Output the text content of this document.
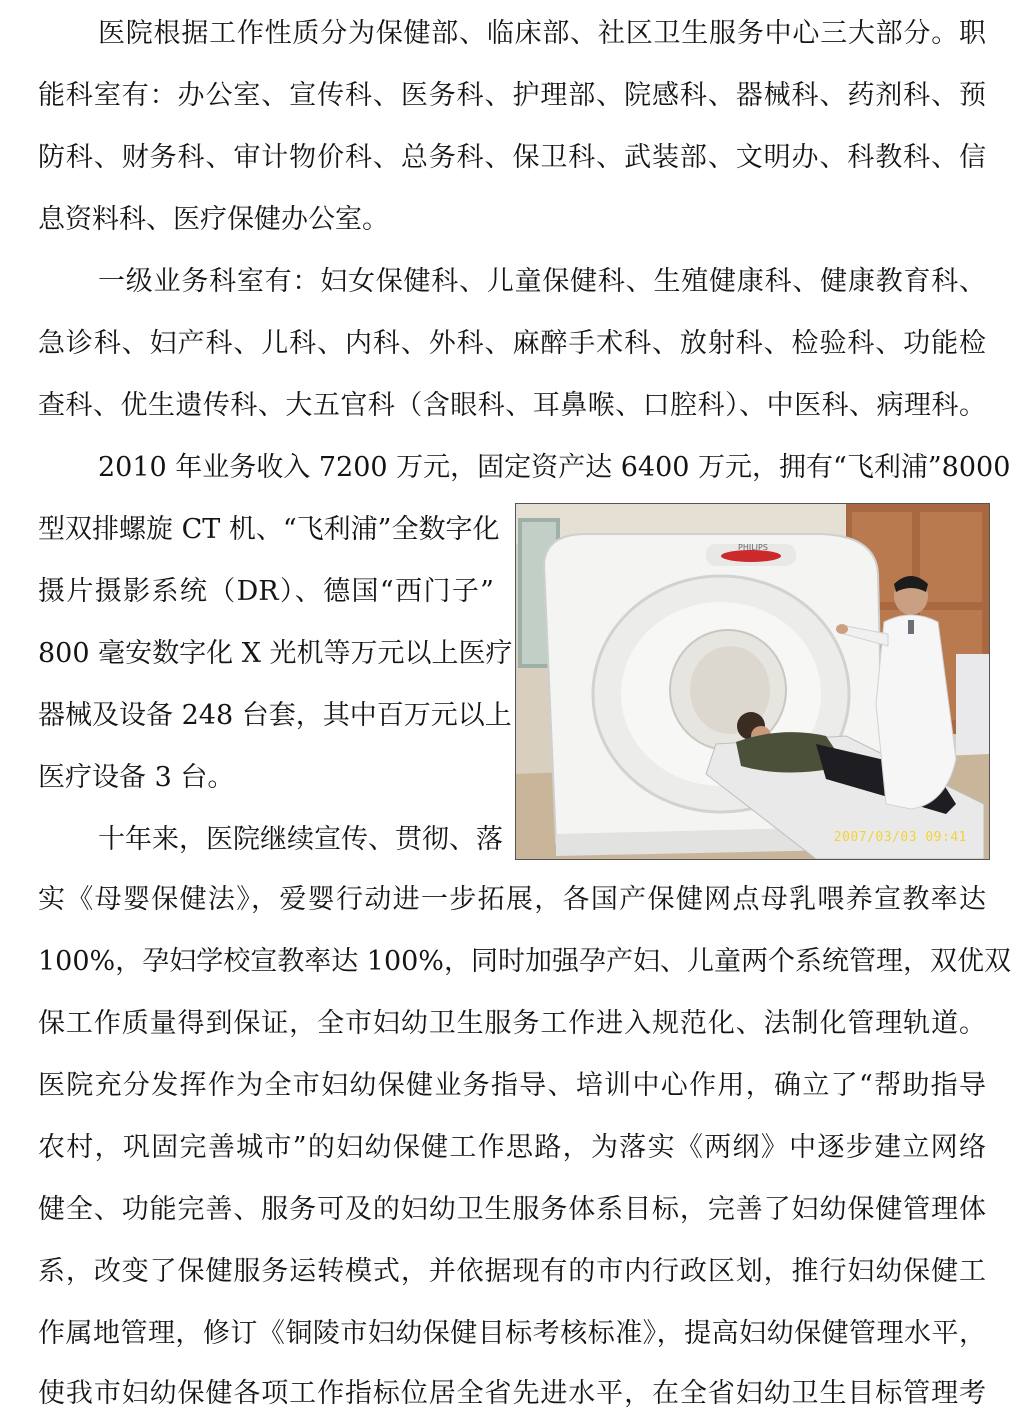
医院根据工作性质分为保健部、临床部、社区卫生服务中心三大部分。职
能科室有：办公室、宣传科、医务科、护理部、院感科、器械科、药剂科、预
防科、财务科、审计物价科、总务科、保卫科、武装部、文明办、科教科、信
息资料科、医疗保健办公室。
一级业务科室有：妇女保健科、儿童保健科、生殖健康科、健康教育科、
急诊科、妇产科、儿科、内科、外科、麻醉手术科、放射科、检验科、功能检
查科、优生遗传科、大五官科（含眼科、耳鼻喉、口腔科）、中医科、病理科。
2010 年业务收入 7200 万元，固定资产达 6400 万元，拥有“飞利浦”8000
型双排螺旋 CT 机、“飞利浦”全数字化
摄片摄影系统（DR）、德国“西门子”
800 毫安数字化 X 光机等万元以上医疗
器械及设备 248 台套，其中百万元以上
医疗设备 3 台。
十年来，医院继续宣传、贯彻、落
实《母婴保健法》，爱婴行动进一步拓展，各国产保健网点母乳喂养宣教率达
100%，孕妇学校宣教率达 100%，同时加强孕产妇、儿童两个系统管理，双优双
保工作质量得到保证，全市妇幼卫生服务工作进入规范化、法制化管理轨道。
医院充分发挥作为全市妇幼保健业务指导、培训中心作用，确立了“帮助指导
农村，巩固完善城市”的妇幼保健工作思路，为落实《两纲》中逐步建立网络
健全、功能完善、服务可及的妇幼卫生服务体系目标，完善了妇幼保健管理体
系，改变了保健服务运转模式，并依据现有的市内行政区划，推行妇幼保健工
作属地管理，修订《铜陵市妇幼保健目标考核标准》，提高妇幼保健管理水平，
使我市妇幼保健各项工作指标位居全省先进水平，在全省妇幼卫生目标管理考
PHILIPS
2007/03/03 09:41
